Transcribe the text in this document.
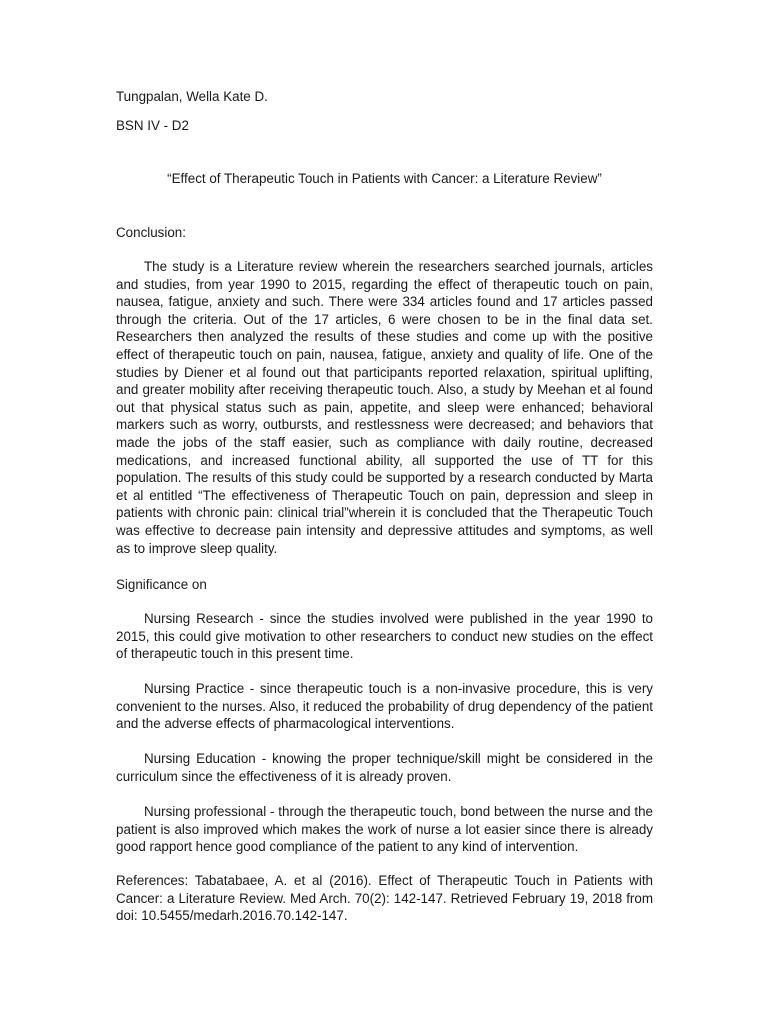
Tungpalan, Wella Kate D.
BSN IV - D2
“Effect of Therapeutic Touch in Patients with Cancer: a Literature Review”
Conclusion:

The study is a Literature review wherein the researchers searched journals, articles and studies, from year 1990 to 2015, regarding the effect of therapeutic touch on pain, nausea, fatigue, anxiety and such. There were 334 articles found and 17 articles passed through the criteria. Out of the 17 articles, 6 were chosen to be in the final data set. Researchers then analyzed the results of these studies and come up with the positive effect of therapeutic touch on pain, nausea, fatigue, anxiety and quality of life. One of the studies by Diener et al found out that participants reported relaxation, spiritual uplifting, and greater mobility after receiving therapeutic touch. Also, a study by Meehan et al found out that physical status such as pain, appetite, and sleep were enhanced; behavioral markers such as worry, outbursts, and restlessness were decreased; and behaviors that made the jobs of the staff easier, such as compliance with daily routine, decreased medications, and increased functional ability, all supported the use of TT for this population. The results of this study could be supported by a research conducted by Marta et al entitled “The effectiveness of Therapeutic Touch on pain, depression and sleep in patients with chronic pain: clinical trial”wherein it is concluded that the Therapeutic Touch was effective to decrease pain intensity and depressive attitudes and symptoms, as well as to improve sleep quality.

Significance on

Nursing Research - since the studies involved were published in the year 1990 to 2015, this could give motivation to other researchers to conduct new studies on the effect of therapeutic touch in this present time.

Nursing Practice - since therapeutic touch is a non-invasive procedure, this is very convenient to the nurses. Also, it reduced the probability of drug dependency of the patient and the adverse effects of pharmacological interventions.

Nursing Education - knowing the proper technique/skill might be considered in the curriculum since the effectiveness of it is already proven.

Nursing professional - through the therapeutic touch, bond between the nurse and the patient is also improved which makes the work of nurse a lot easier since there is already good rapport hence good compliance of the patient to any kind of intervention.

References: Tabatabaee, A. et al (2016). Effect of Therapeutic Touch in Patients with Cancer: a Literature Review. Med Arch. 70(2): 142-147. Retrieved February 19, 2018 from doi: 10.5455/medarh.2016.70.142-147.
